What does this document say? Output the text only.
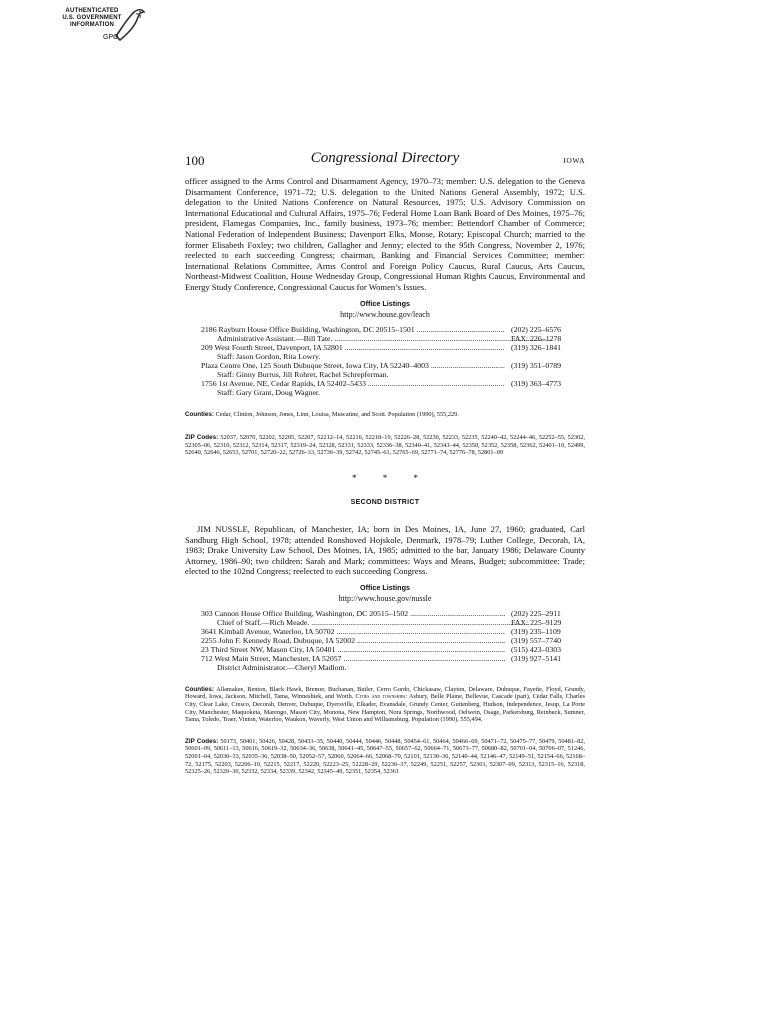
AUTHENTICATED
U.S. GOVERNMENT
INFORMATION
GPO
100	Congressional Directory	IOWA

officer assigned to the Arms Control and Disarmament Agency, 1970–73; member: U.S. delegation to the Geneva Disarmament Conference, 1971–72; U.S. delegation to the United Nations General Assembly, 1972; U.S. delegation to the United Nations Conference on Natural Resources, 1975; U.S. Advisory Commission on International Educational and Cultural Affairs, 1975–76; Federal Home Loan Bank Board of Des Moines, 1975–76; president, Flamegas Companies, Inc., family business, 1973–76; member: Bettendorf Chamber of Commerce; National Federation of Independent Business; Davenport Elks, Moose, Rotary; Episcopal Church; married to the former Elisabeth Foxley; two children, Gallagher and Jenny; elected to the 95th Congress, November 2, 1976; reelected to each succeeding Congress; chairman, Banking and Financial Services Committee; member: International Relations Committee, Arms Control and Foreign Policy Caucus, Rural Caucus, Arts Caucus, Northeast-Midwest Coalition, House Wednesday Group, Congressional Human Rights Caucus, Environmental and Energy Study Conference, Congressional Caucus for Women’s Issues.

Office Listings
http://www.house.gov/leach
2186 Rayburn House Office Building, Washington, DC 20515–1501 .....	(202) 225–6576
Administrative Assistant.—Bill Tate. .....	FAX: 226–1278
209 West Fourth Street, Davenport, IA 52801 .....	(319) 326–1841
Staff: Jason Gordon, Rita Lowry.
Plaza Centre One, 125 South Dubuque Street, Iowa City, IA 52240–4003 .....	(319) 351–0789
Staff: Ginny Burrus, Jill Rohret, Rachel Schrepferman.
1756 1st Avenue, NE, Cedar Rapids, IA 52402–5433 .....	(319) 363–4773
Staff: Gary Grant, Doug Wagner.

Counties: Cedar, Clinton, Johnson, Jones, Linn, Louisa, Muscatine, and Scott. Population (1990), 555,229.

ZIP Codes: 52037, 52070, 52202, 52205, 52207, 52212–14, 52216, 52218–19, 52226–28, 52230, 52233, 52235, 52240–42, 52244–46, 52252–55, 52302, 52305–06, 52310, 52312, 52314, 52317, 52319–24, 52328, 52331, 52333, 52336–38, 52340–41, 52343–44, 52350, 52352, 52358, 52362, 52401–10, 52499, 52640, 52646, 52653, 52701, 52720–22, 52726–33, 52736–39, 52742, 52745–61, 52765–69, 52771–74, 52776–78, 52801–09

* * *
SECOND DISTRICT

JIM NUSSLE, Republican, of Manchester, IA; born in Des Moines, IA, June 27, 1960; graduated, Carl Sandburg High School, 1978; attended Ronshoved Hojskole, Denmark, 1978–79; Luther College, Decorah, IA, 1983; Drake University Law School, Des Moines, IA, 1985; admitted to the bar, January 1986; Delaware County Attorney, 1986–90; two children: Sarah and Mark; committees: Ways and Means, Budget; subcommittee: Trade; elected to the 102nd Congress; reelected to each succeeding Congress.

Office Listings
http://www.house.gov/nussle
303 Cannon House Office Building, Washington, DC 20515–1502 .....	(202) 225–2911
Chief of Staff.—Rich Meade. .....	FAX: 225–9129
3641 Kimball Avenue, Waterloo, IA 50702 .....	(319) 235–1109
2255 John F. Kennedy Road, Dubuque, IA 52002 .....	(319) 557–7740
23 Third Street NW, Mason City, IA 50401 .....	(515) 423–0303
712 West Main Street, Manchester, IA 52057 .....	(319) 927–5141
District Administrator.—Cheryl Madlom.

Counties: Allamakee, Benton, Black Hawk, Bremer, Buchanan, Butler, Cerro Gordo, Chickasaw, Clayton, Delaware, Dubuque, Fayette, Floyd, Grundy, Howard, Iowa, Jackson, Mitchell, Tama, Winneshiek, and Worth. Cities and townships: Asbury, Belle Plaine, Bellevue, Cascade (part), Cedar Falls, Charles City, Clear Lake, Cresco, Decorah, Denver, Dubuque, Dyersville, Elkader, Evansdale, Grundy Center, Guttenberg, Hudson, Independence, Jesup, La Porte City, Manchester, Maquoketa, Marengo, Mason City, Monona, New Hampton, Nora Springs, Northwood, Oelwein, Osage, Parkersburg, Reinbeck, Sumner, Tama, Toledo, Traer, Vinton, Waterloo, Waukon, Waverly, West Union and Williamsburg. Population (1990), 555,494.

ZIP Codes: 50173, 50401, 50426, 50428, 50433–35, 50440, 50444, 50446, 50448, 50454–61, 50464, 50466–69, 50471–72, 50475–77, 50479, 50481–82, 50601–09, 50611–13, 50616, 50619–32, 50634–36, 50638, 50641–45, 50647–55, 50657–62, 50664–71, 50673–77, 50680–82, 50701–04, 50706–07, 51246, 52001–04, 52030–33, 52035–36, 52038–50, 52052–57, 52060, 52064–66, 52068–79, 52101, 52130–36, 52140–44, 52146–47, 52149–51, 52154–66, 52168–72, 52175, 52203, 52206–10, 52215, 52217, 52220, 52223–25, 52228–29, 52236–37, 52249, 52251, 52257, 52301, 52307–09, 52313, 52315–16, 52318, 52325–26, 52329–30, 52332, 52334, 52339, 52342, 52345–49, 52351, 52354, 52361
